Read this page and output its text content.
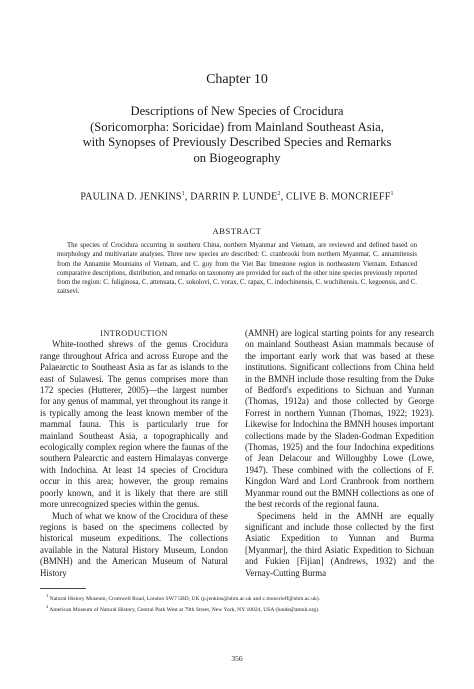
Chapter 10
Descriptions of New Species of Crocidura
(Soricomorpha: Soricidae) from Mainland Southeast Asia,
with Synopses of Previously Described Species and Remarks
on Biogeography
PAULINA D. JENKINS$^1$, DARRIN P. LUNDE$^2$, CLIVE B. MONCRIEFF$^1$
ABSTRACT

The species of Crocidura occurring in southern China, northern Myanmar and Vietnam, are reviewed and defined based on morphology and multivariate analyses. Three new species are described: C. cranbrooki from northern Myanmar, C. annamitensis from the Annamite Mountains of Vietnam, and C. guy from the Viet Bac limestone region in northeastern Vietnam. Enhanced comparative descriptions, distribution, and remarks on taxonomy are provided for each of the other nine species previously reported from the region: C. fuliginosa, C. attenuata, C. sokolovi, C. vorax, C. rapax, C. indochinensis, C. wuchihensis, C. kegoensis, and C. zaitsevi.

INTRODUCTION

White-toothed shrews of the genus Crocidura range throughout Africa and across Europe and the Palaearctic to Southeast Asia as far as islands to the east of Sulawesi. The genus comprises more than 172 species (Hutterer, 2005)—the largest number for any genus of mammal, yet throughout its range it is typically among the least known member of the mammal fauna. This is particularly true for mainland Southeast Asia, a topographically and ecologically complex region where the faunas of the southern Palearctic and eastern Himalayas converge with Indochina. At least 14 species of Crocidura occur in this area; however, the group remains poorly known, and it is likely that there are still more unrecognized species within the genus.

Much of what we know of the Crocidura of these regions is based on the specimens collected by historical museum expeditions. The collections available in the Natural History Museum, London (BMNH) and the American Museum of Natural History

(AMNH) are logical starting points for any research on mainland Southeast Asian mammals because of the important early work that was based at these institutions. Significant collections from China held in the BMNH include those resulting from the Duke of Bedford's expeditions to Sichuan and Yunnan (Thomas, 1912a) and those collected by George Forrest in northern Yunnan (Thomas, 1922; 1923). Likewise for Indochina the BMNH houses important collections made by the Sladen-Godman Expedition (Thomas, 1925) and the four Indochina expeditions of Jean Delacour and Willoughby Lowe (Lowe, 1947). These combined with the collections of F. Kingdon Ward and Lord Cranbrook from northern Myanmar round out the BMNH collections as one of the best records of the regional fauna.

Specimens held in the AMNH are equally significant and include those collected by the first Asiatic Expedition to Yunnan and Burma [Myanmar], the third Asiatic Expedition to Sichuan and Fukien [Fijian] (Andrews, 1932) and the Vernay-Cutting Burma

$^1$ Natural History Museum, Cromwell Road, London SW7 5BD, UK (p.jenkins@nhm.ac.uk and c.moncrieff@nhm.ac.uk).

$^2$ American Museum of Natural History, Central Park West at 79th Street, New York, NY 10024, USA (lunde@amnh.org).

356
